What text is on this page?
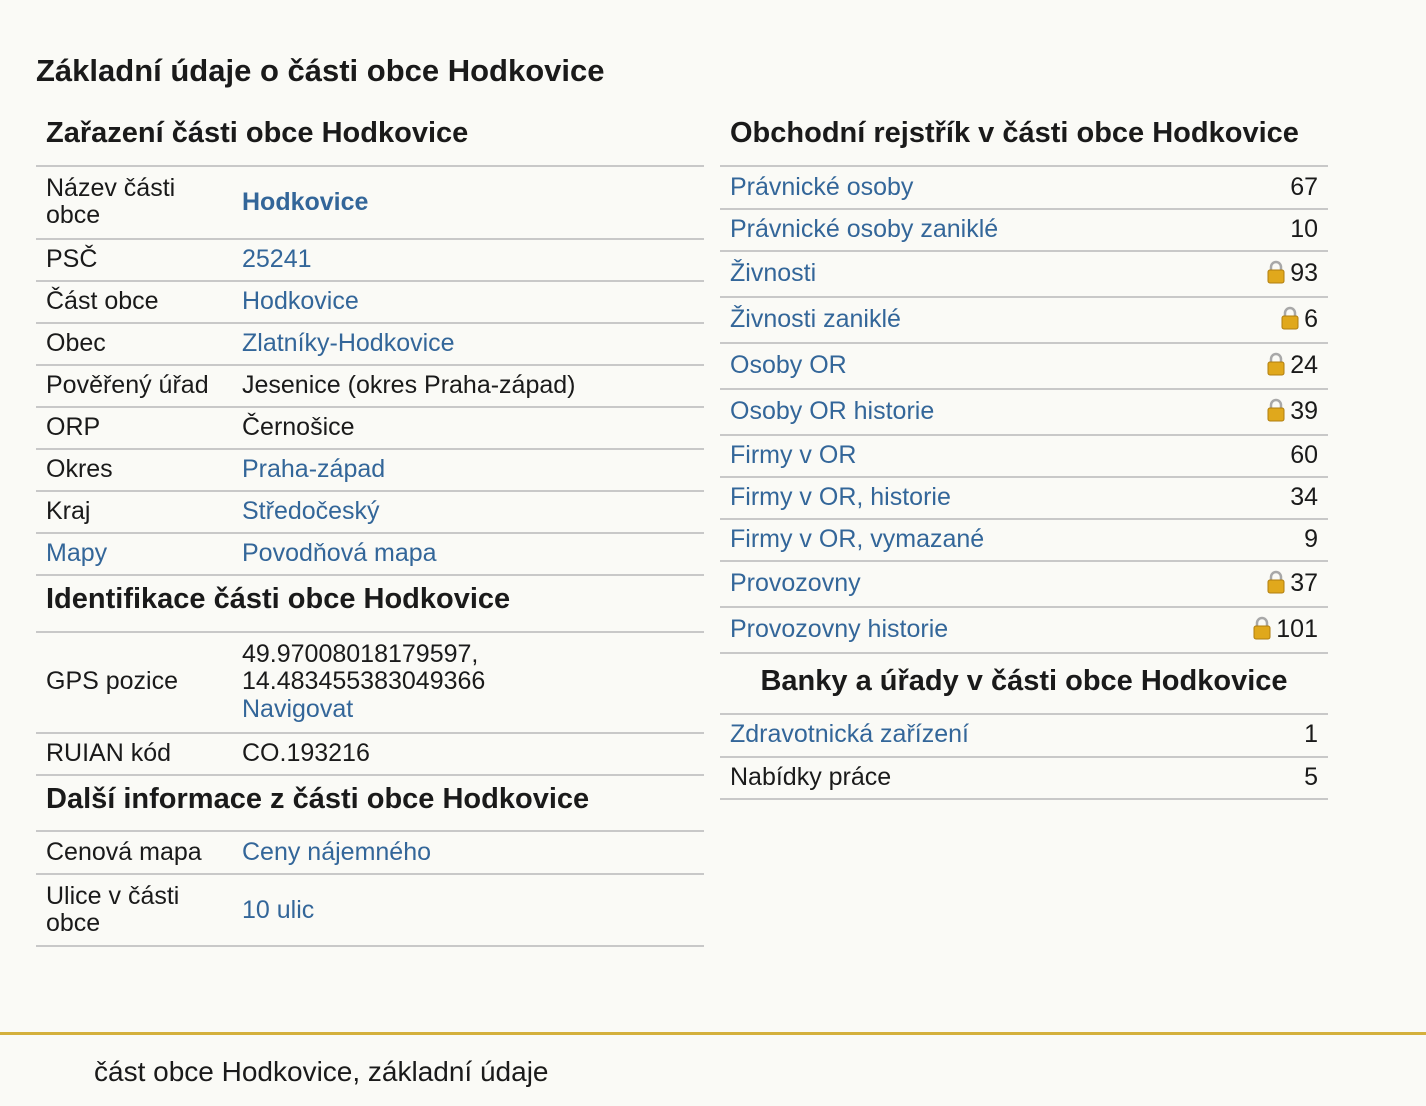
Základní údaje o části obce Hodkovice
Zařazení části obce Hodkovice
Název části obce	Hodkovice
PSČ	25241
Část obce	Hodkovice
Obec	Zlatníky-Hodkovice
Pověřený úřad	Jesenice (okres Praha-západ)
ORP	Černošice
Okres	Praha-západ
Kraj	Středočeský
Mapy	Povodňová mapa
Identifikace části obce Hodkovice
GPS pozice	49.97008018179597,
14.483455383049366
Navigovat
RUIAN kód	CO.193216
Další informace z části obce Hodkovice
Cenová mapa	Ceny nájemného
Ulice v části obce	10 ulic
Obchodní rejstřík v části obce Hodkovice
Právnické osoby	67
Právnické osoby zaniklé	10
Živnosti	93
Živnosti zaniklé	6
Osoby OR	24
Osoby OR historie	39
Firmy v OR	60
Firmy v OR, historie	34
Firmy v OR, vymazané	9
Provozovny	37
Provozovny historie	101
Banky a úřady v části obce Hodkovice
Zdravotnická zařízení	1
Nabídky práce	5
část obce Hodkovice, základní údaje
